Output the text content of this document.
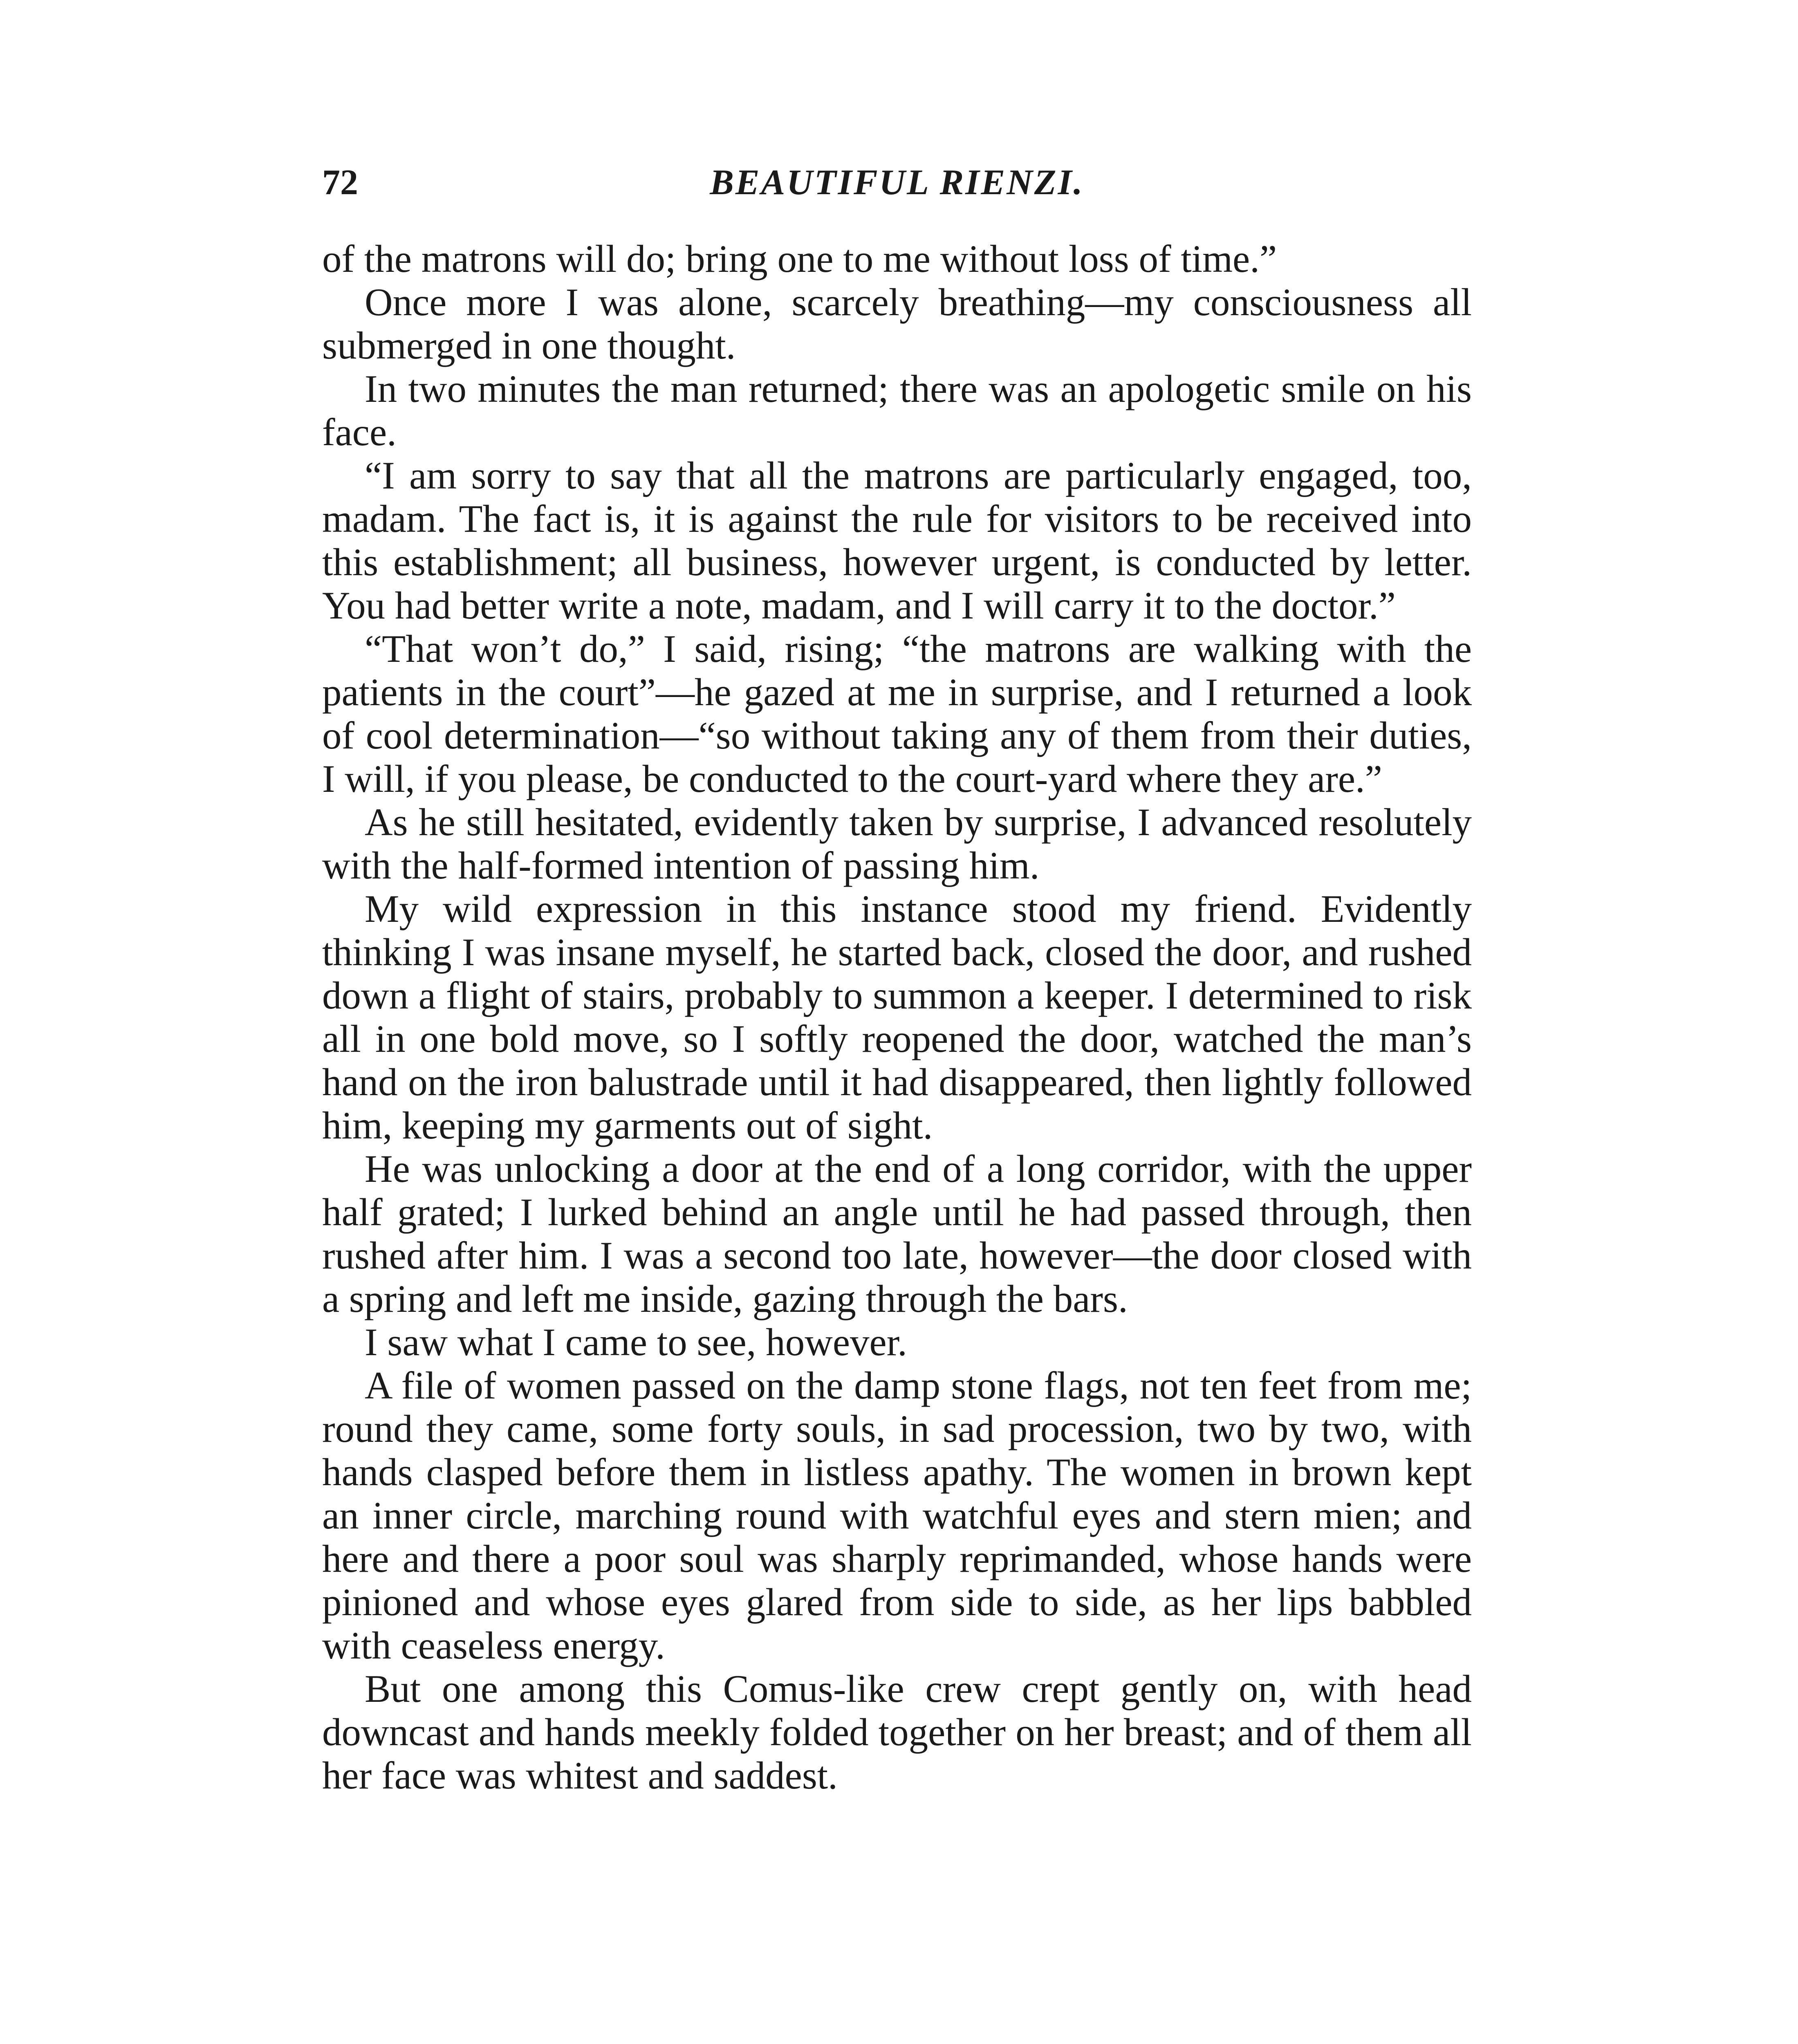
72	BEAUTIFUL RIENZI.

of the matrons will do; bring one to me without loss of time.”

Once more I was alone, scarcely breathing—my consciousness all submerged in one thought.

In two minutes the man returned; there was an apologetic smile on his face.

“I am sorry to say that all the matrons are particularly engaged, too, madam. The fact is, it is against the rule for visitors to be received into this establishment; all business, however urgent, is conducted by letter. You had better write a note, madam, and I will carry it to the doctor.”

“That won’t do,” I said, rising; “the matrons are walking with the patients in the court”—he gazed at me in surprise, and I returned a look of cool determination—“so without taking any of them from their duties, I will, if you please, be conducted to the court-yard where they are.”

As he still hesitated, evidently taken by surprise, I advanced resolutely with the half-formed intention of passing him.

My wild expression in this instance stood my friend. Evidently thinking I was insane myself, he started back, closed the door, and rushed down a flight of stairs, probably to summon a keeper. I determined to risk all in one bold move, so I softly reopened the door, watched the man’s hand on the iron balustrade until it had disappeared, then lightly followed him, keeping my garments out of sight.

He was unlocking a door at the end of a long corridor, with the upper half grated; I lurked behind an angle until he had passed through, then rushed after him. I was a second too late, however—the door closed with a spring and left me inside, gazing through the bars.

I saw what I came to see, however.

A file of women passed on the damp stone flags, not ten feet from me; round they came, some forty souls, in sad procession, two by two, with hands clasped before them in listless apathy. The women in brown kept an inner circle, marching round with watchful eyes and stern mien; and here and there a poor soul was sharply reprimanded, whose hands were pinioned and whose eyes glared from side to side, as her lips babbled with ceaseless energy.

But one among this Comus-like crew crept gently on, with head downcast and hands meekly folded together on her breast; and of them all her face was whitest and saddest.
